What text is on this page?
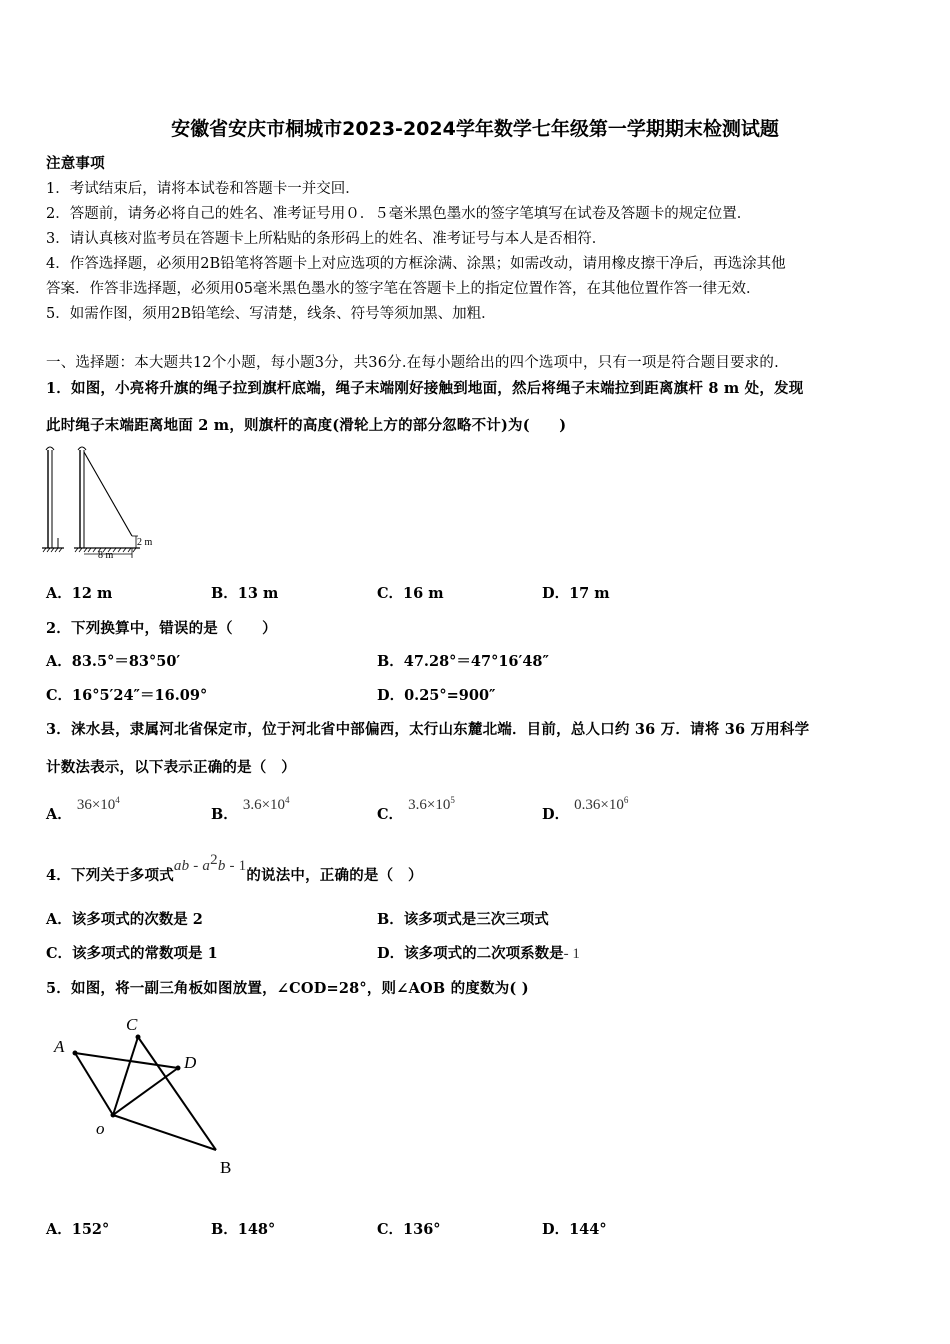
安徽省安庆市桐城市2023-2024学年数学七年级第一学期期末检测试题
注意事项
1．考试结束后，请将本试卷和答题卡一并交回．
2．答题前，请务必将自己的姓名、准考证号用０．５毫米黑色墨水的签字笔填写在试卷及答题卡的规定位置．
3．请认真核对监考员在答题卡上所粘贴的条形码上的姓名、准考证号与本人是否相符．
4．作答选择题，必须用2B铅笔将答题卡上对应选项的方框涂满、涂黑；如需改动，请用橡皮擦干净后，再选涂其他
答案．作答非选择题，必须用05毫米黑色墨水的签字笔在答题卡上的指定位置作答，在其他位置作答一律无效．
5．如需作图，须用2B铅笔绘、写清楚，线条、符号等须加黑、加粗．
一、选择题：本大题共12个小题，每小题3分，共36分.在每小题给出的四个选项中，只有一项是符合题目要求的.
1．如图，小亮将升旗的绳子拉到旗杆底端，绳子末端刚好接触到地面，然后将绳子末端拉到距离旗杆 8 m 处，发现
此时绳子末端距离地面 2 m，则旗杆的高度(滑轮上方的部分忽略不计)为(　　)
2 m
8 m
A．12 m	B．13 m	C．16 m	D．17 m
2．下列换算中，错误的是（　　）
A．83.5°＝83°50′	B．47.28°＝47°16′48″
C．16°5′24″＝16.09°	D．0.25°=900″
3．涞水县，隶属河北省保定市，位于河北省中部偏西，太行山东麓北端．目前，总人口约 36 万．请将 36 万用科学
计数法表示，以下表示正确的是（　）
A． $36\times 10^4$
B． $3.6\times 10^4$
C． $3.6\times 10^5$
D． $0.36\times 10^6$
4．下列关于多项式ab - $a^2b - 1$的说法中，正确的是（　）
A．该多项式的次数是 2	B．该多项式是三次三项式
C．该多项式的常数项是 1	D．该多项式的二次项系数是- 1
5．如图，将一副三角板如图放置，∠COD=28°，则∠AOB 的度数为( )
A
C
D
o
B
A．152°	B．148°	C．136°	D．144°
